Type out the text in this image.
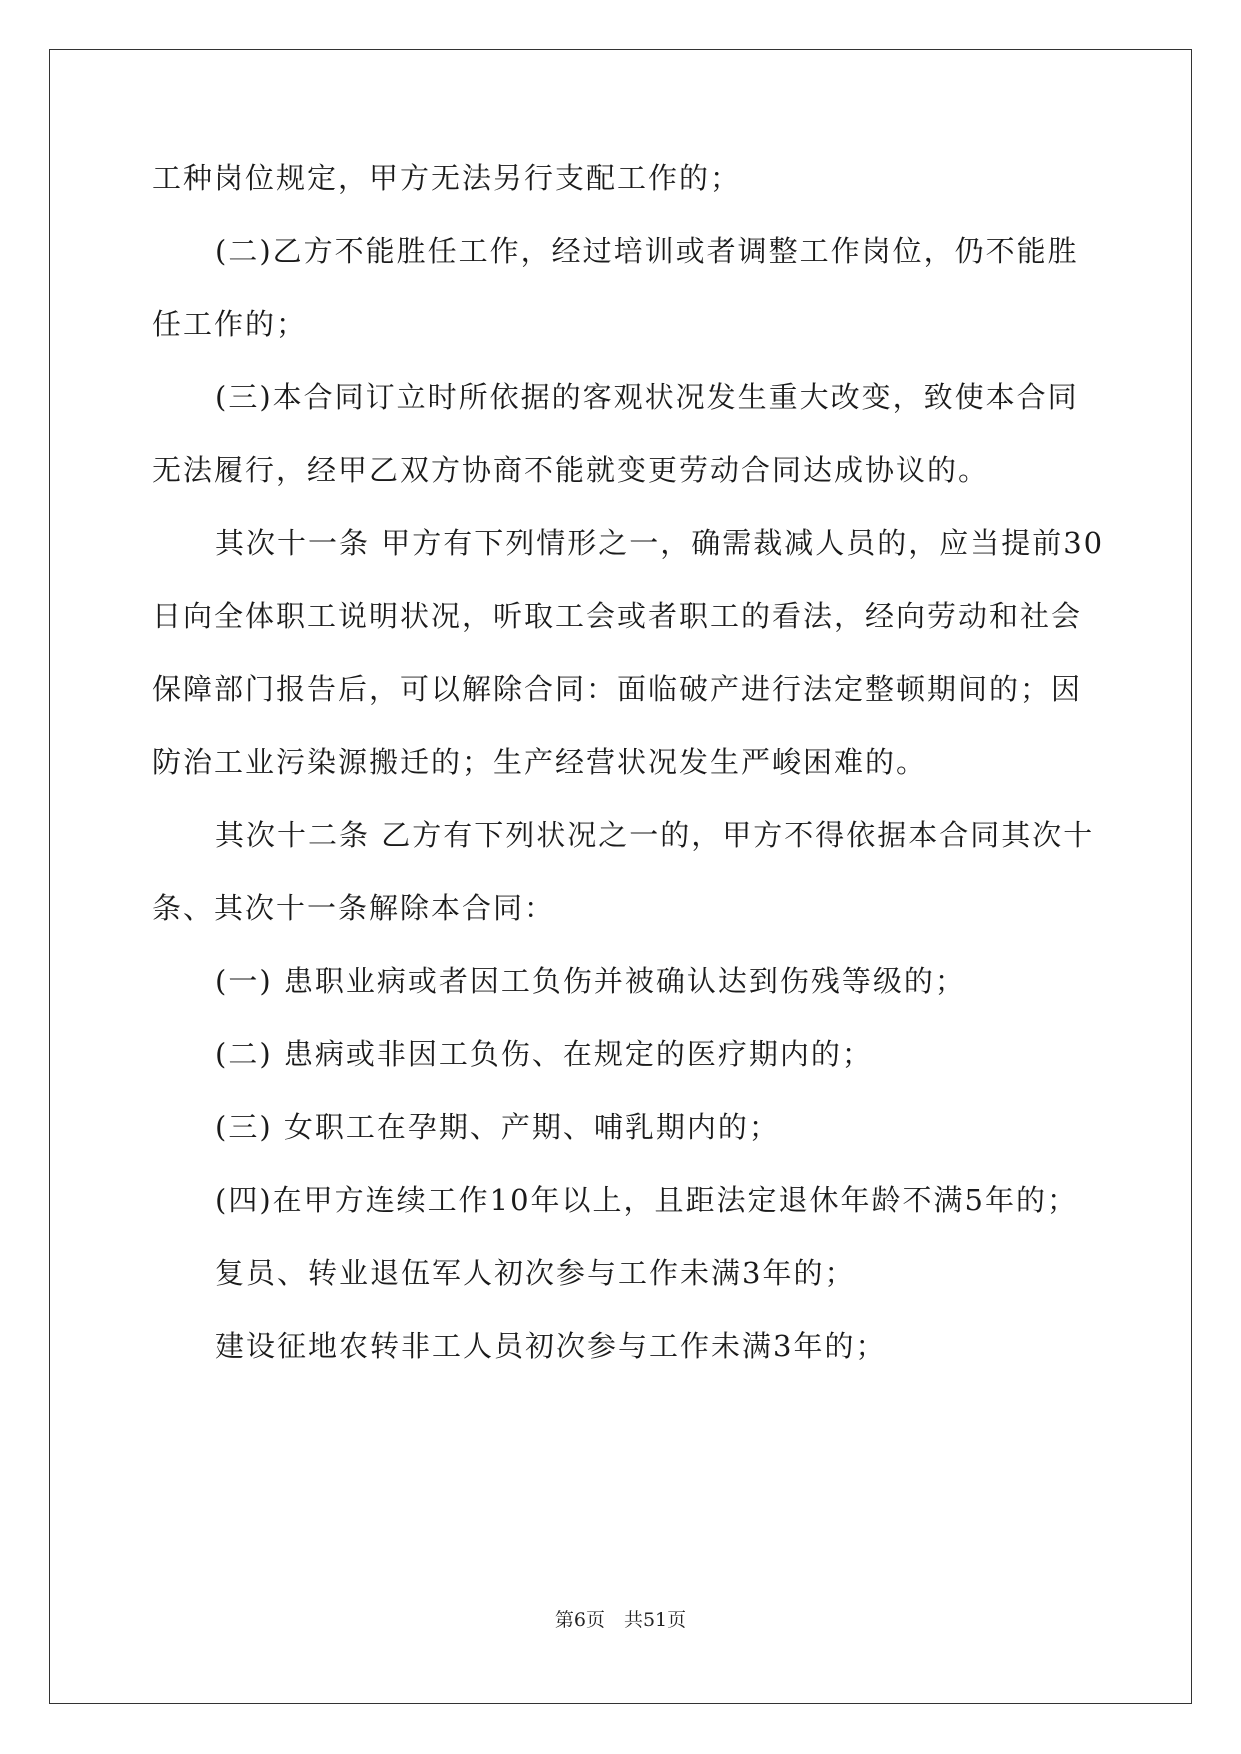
工种岗位规定，甲方无法另行支配工作的；
(二)乙方不能胜任工作，经过培训或者调整工作岗位，仍不能胜
任工作的；
(三)本合同订立时所依据的客观状况发生重大改变，致使本合同
无法履行，经甲乙双方协商不能就变更劳动合同达成协议的。
其次十一条 甲方有下列情形之一，确需裁减人员的，应当提前30
日向全体职工说明状况，听取工会或者职工的看法，经向劳动和社会
保障部门报告后，可以解除合同：面临破产进行法定整顿期间的；因
防治工业污染源搬迁的；生产经营状况发生严峻困难的。
其次十二条 乙方有下列状况之一的，甲方不得依据本合同其次十
条、其次十一条解除本合同：
(一) 患职业病或者因工负伤并被确认达到伤残等级的；
(二) 患病或非因工负伤、在规定的医疗期内的；
(三) 女职工在孕期、产期、哺乳期内的；
(四)在甲方连续工作10年以上，且距法定退休年龄不满5年的；
复员、转业退伍军人初次参与工作未满3年的；
建设征地农转非工人员初次参与工作未满3年的；
第6页　共51页
